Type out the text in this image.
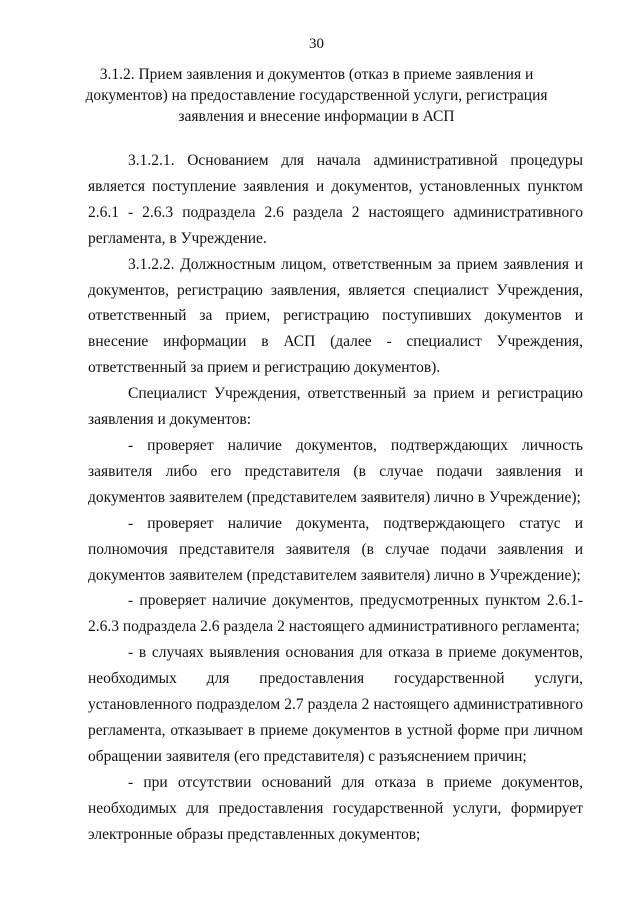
30
3.1.2. Прием заявления и документов (отказ в приеме заявления и
документов) на предоставление государственной услуги, регистрация
заявления и внесение информации в АСП

3.1.2.1. Основанием для начала административной процедуры является поступление заявления и документов, установленных пунктом 2.6.1 - 2.6.3 подраздела 2.6 раздела 2 настоящего административного регламента, в Учреждение.

3.1.2.2. Должностным лицом, ответственным за прием заявления и документов, регистрацию заявления, является специалист Учреждения, ответственный за прием, регистрацию поступивших документов и внесение информации в АСП (далее - специалист Учреждения, ответственный за прием и регистрацию документов).

Специалист Учреждения, ответственный за прием и регистрацию заявления и документов:

- проверяет наличие документов, подтверждающих личность заявителя либо его представителя (в случае подачи заявления и документов заявителем (представителем заявителя) лично в Учреждение);

- проверяет наличие документа, подтверждающего статус и полномочия представителя заявителя (в случае подачи заявления и документов заявителем (представителем заявителя) лично в Учреждение);

- проверяет наличие документов, предусмотренных пунктом 2.6.1-2.6.3 подраздела 2.6 раздела 2 настоящего административного регламента;

- в случаях выявления основания для отказа в приеме документов, необходимых для предоставления государственной услуги, установленного подразделом 2.7 раздела 2 настоящего административного регламента, отказывает в приеме документов в устной форме при личном обращении заявителя (его представителя) с разъяснением причин;

- при отсутствии оснований для отказа в приеме документов, необходимых для предоставления государственной услуги, формирует электронные образы представленных документов;
